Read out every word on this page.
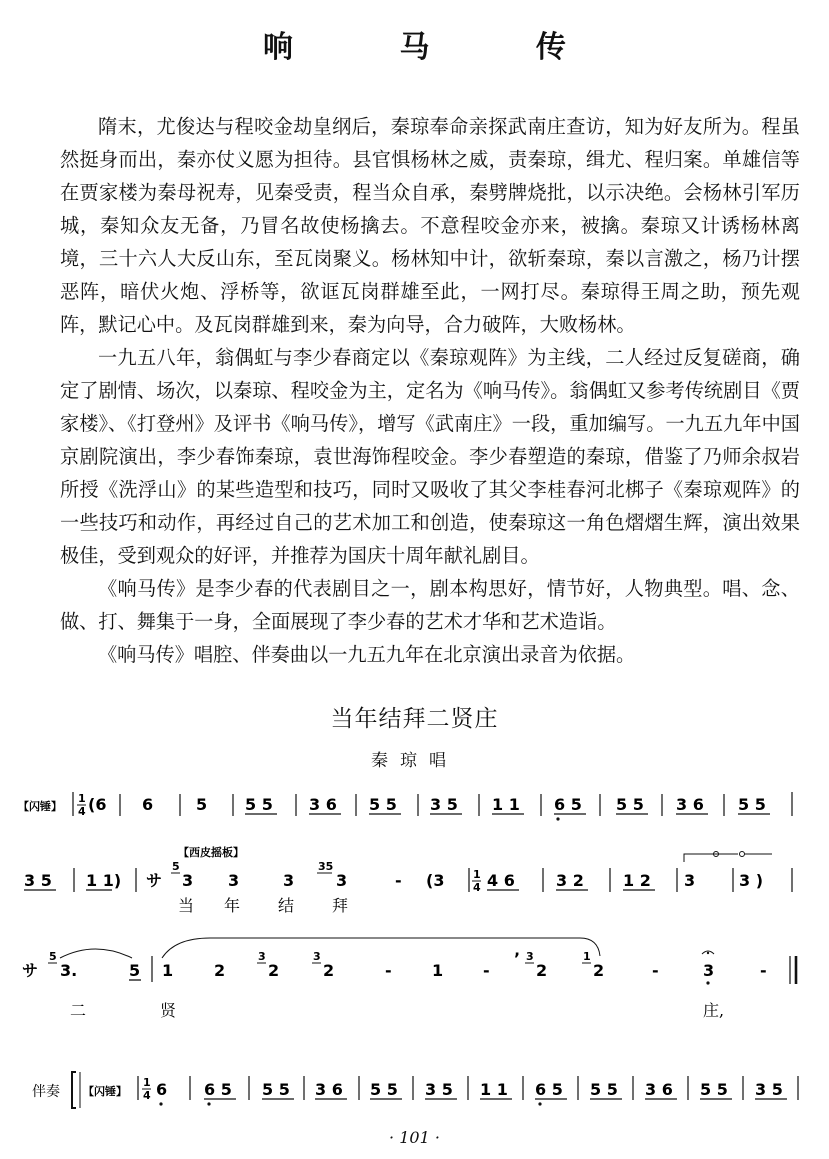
响 马 传

隋末，尤俊达与程咬金劫皇纲后，秦琼奉命亲探武南庄查访，知为好友所为。程虽然挺身而出，秦亦仗义愿为担待。县官惧杨林之威，责秦琼，缉尤、程归案。单雄信等在贾家楼为秦母祝寿，见秦受责，程当众自承，秦劈牌烧批，以示决绝。会杨林引军历城，秦知众友无备，乃冒名故使杨擒去。不意程咬金亦来，被擒。秦琼又计诱杨林离境，三十六人大反山东，至瓦岗聚义。杨林知中计，欲斩秦琼，秦以言激之，杨乃计摆恶阵，暗伏火炮、浮桥等，欲诓瓦岗群雄至此，一网打尽。秦琼得王周之助，预先观阵，默记心中。及瓦岗群雄到来，秦为向导，合力破阵，大败杨林。

一九五八年，翁偶虹与李少春商定以《秦琼观阵》为主线，二人经过反复磋商，确定了剧情、场次，以秦琼、程咬金为主，定名为《响马传》。翁偶虹又参考传统剧目《贾家楼》、《打登州》及评书《响马传》，增写《武南庄》一段，重加编写。一九五九年中国京剧院演出，李少春饰秦琼，袁世海饰程咬金。李少春塑造的秦琼，借鉴了乃师余叔岩所授《洗浮山》的某些造型和技巧，同时又吸收了其父李桂春河北梆子《秦琼观阵》的一些技巧和动作，再经过自己的艺术加工和创造，使秦琼这一角色熠熠生辉，演出效果极佳，受到观众的好评，并推荐为国庆十周年献礼剧目。

《响马传》是李少春的代表剧目之一，剧本构思好，情节好，人物典型。唱、念、做、打、舞集于一身，全面展现了李少春的艺术才华和艺术造诣。

《响马传》唱腔、伴奏曲以一九五九年在北京演出录音为依据。

当年结拜二贤庄
秦琼唱
【闪锤】
1
4 (6 6	5 5 5 3 6 5 5 3 5 1 1 6 5 5 5 3 6 5 5
【西皮摇板】
3 5 1 1) サ
5
3 3	3
35
3	- (3	1
4 4 6	3 2 1 2 3	3 )
当 年 结 拜
サ
5
3.	5 1	2
3
2
3
2	-	1 -
’ 3
2
1
2	-	3	-
二	贤	庄,
伴奏 【闪锤】
1
4 6 6 5 5 5 3 6 5 5 3 5 1 1 6 5 5 5 3 6 5 5 3 5
· 101 ·
